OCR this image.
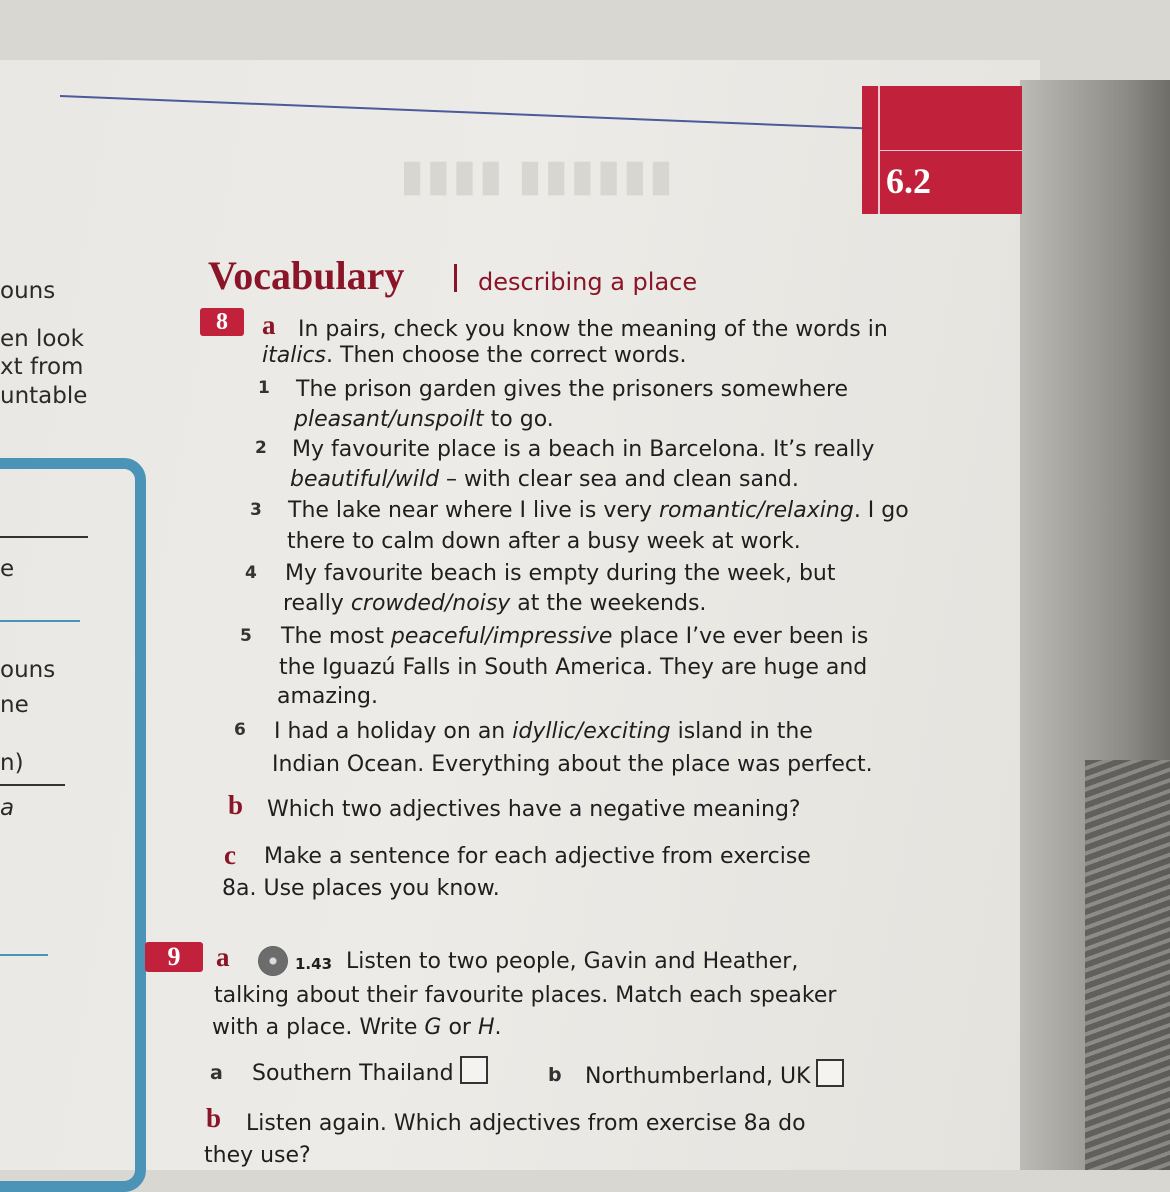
▮▮▮▮ ▮▮▮▮▮▮	6.2
ouns
en look
xt from
untable
e
ouns
ne
n)
a
Vocabulary	describing a place
8 a In pairs, check you know the meaning of the words in
italics. Then choose the correct words.
1 The prison garden gives the prisoners somewhere
pleasant/unspoilt to go.
2 My favourite place is a beach in Barcelona. It’s really
beautiful/wild – with clear sea and clean sand.
3 The lake near where I live is very romantic/relaxing. I go
there to calm down after a busy week at work.
4 My favourite beach is empty during the week, but
really crowded/noisy at the weekends.
5 The most peaceful/impressive place I’ve ever been is
the Iguazú Falls in South America. They are huge and
amazing.
6 I had a holiday on an idyllic/exciting island in the
Indian Ocean. Everything about the place was perfect.
b Which two adjectives have a negative meaning?
c Make a sentence for each adjective from exercise
8a. Use places you know.
9 a	1.43 Listen to two people, Gavin and Heather,
talking about their favourite places. Match each speaker
with a place. Write G or H.
a Southern Thailand	b Northumberland, UK
b Listen again. Which adjectives from exercise 8a do
they use?
